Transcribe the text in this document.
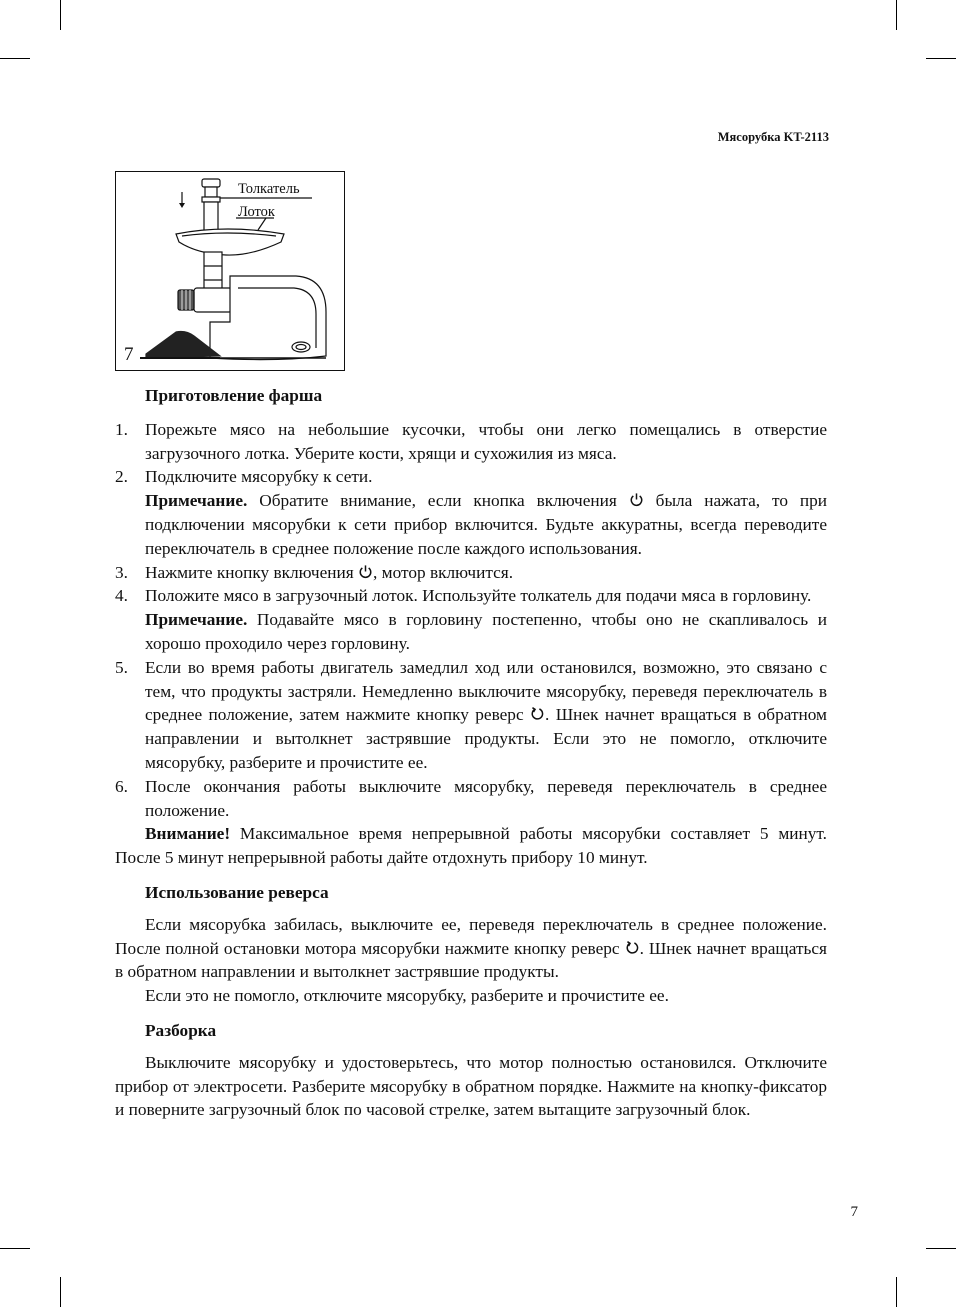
Мясорубка KT-2113
7
Толкатель
Лоток

Приготовление фарша

1. Порежьте мясо на небольшие кусочки, чтобы они легко помещались в отверстие загрузочного лотка. Уберите кости, хрящи и сухожилия из мяса.

2. Подключите мясорубку к сети.

Примечание. Обратите внимание, если кнопка включения  была нажата, то при подключении мясорубки к сети прибор включится. Будьте аккуратны, всегда переводите переключатель в среднее положение после каждого использования.

3. Нажмите кнопку включения , мотор включится.

4. Положите мясо в загрузочный лоток. Используйте толкатель для подачи мяса в горловину.

Примечание. Подавайте мясо в горловину постепенно, чтобы оно не скапливалось и хорошо проходило через горловину.

5. Если во время работы двигатель замедлил ход или остановился, возможно, это связано с тем, что продукты застряли. Немедленно выключите мясорубку, переведя переключатель в среднее положение, затем нажмите кнопку реверс . Шнек начнет вращаться в обратном направлении и вытолкнет застрявшие продукты. Если это не помогло, отключите мясорубку, разберите и прочистите ее.

6. После окончания работы выключите мясорубку, переведя переключатель в среднее положение.

Внимание! Максимальное время непрерывной работы мясорубки составляет 5 минут. После 5 минут непрерывной работы дайте отдохнуть прибору 10 минут.

Использование реверса

Если мясорубка забилась, выключите ее, переведя переключатель в среднее положение. После полной остановки мотора мясорубки нажмите кнопку реверс . Шнек начнет вращаться в обратном направлении и вытолкнет застрявшие продукты.

Если это не помогло, отключите мясорубку, разберите и прочистите ее.

Разборка

Выключите мясорубку и удостоверьтесь, что мотор полностью остановился. Отключите прибор от электросети. Разберите мясорубку в обратном порядке. Нажмите на кнопку-фиксатор и поверните загрузочный блок по часовой стрелке, затем вытащите загрузочный блок.

7
